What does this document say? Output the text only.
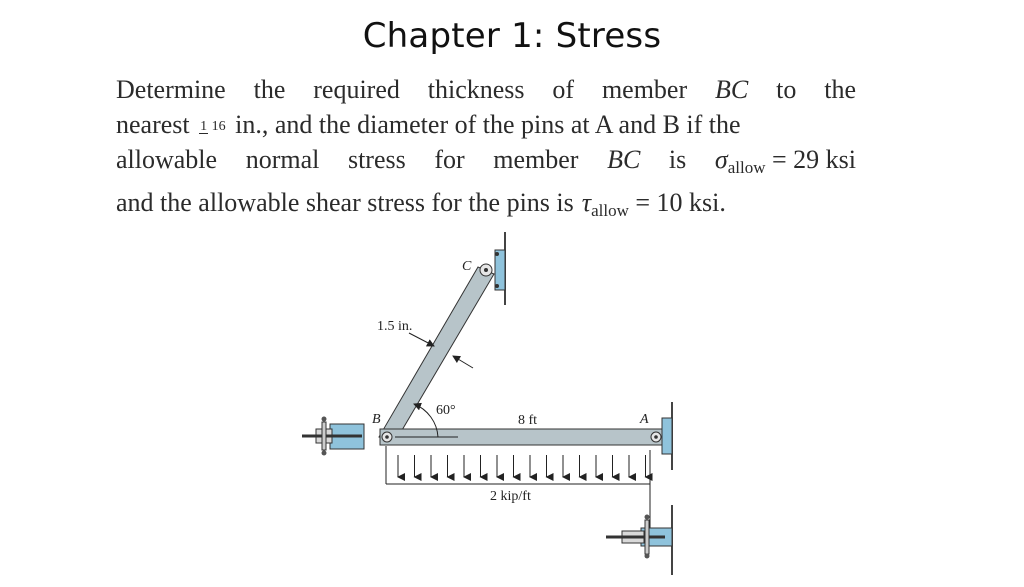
Chapter 1: Stress
Determine the required thickness of member BC to the
nearest 1 16 in., and the diameter of the pins at A and B if the
allowable normal stress for member BC is σallow = 29 ksi
and the allowable shear stress for the pins is τallow = 10 ksi.
C
B	A
1.5 in.
60°
8 ft
2 kip/ft
